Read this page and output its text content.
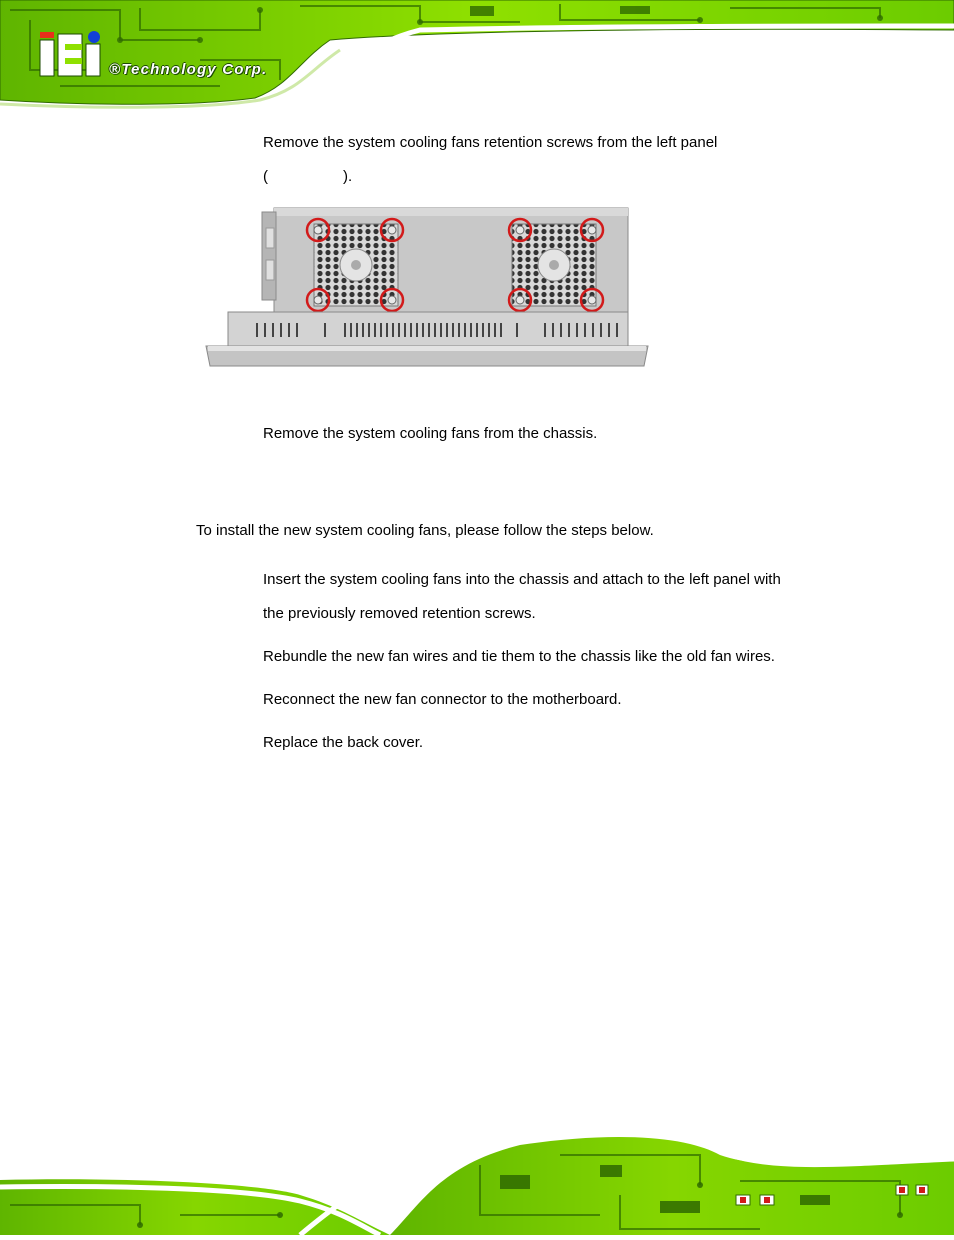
®Technology Corp.
Remove the system cooling fans retention screws from the left panel
(                  ).
Remove the system cooling fans from the chassis.
To install the new system cooling fans, please follow the steps below.
Insert the system cooling fans into the chassis and attach to the left panel with
the previously removed retention screws.
Rebundle the new fan wires and tie them to the chassis like the old fan wires.
Reconnect the new fan connector to the motherboard.
Replace the back cover.
